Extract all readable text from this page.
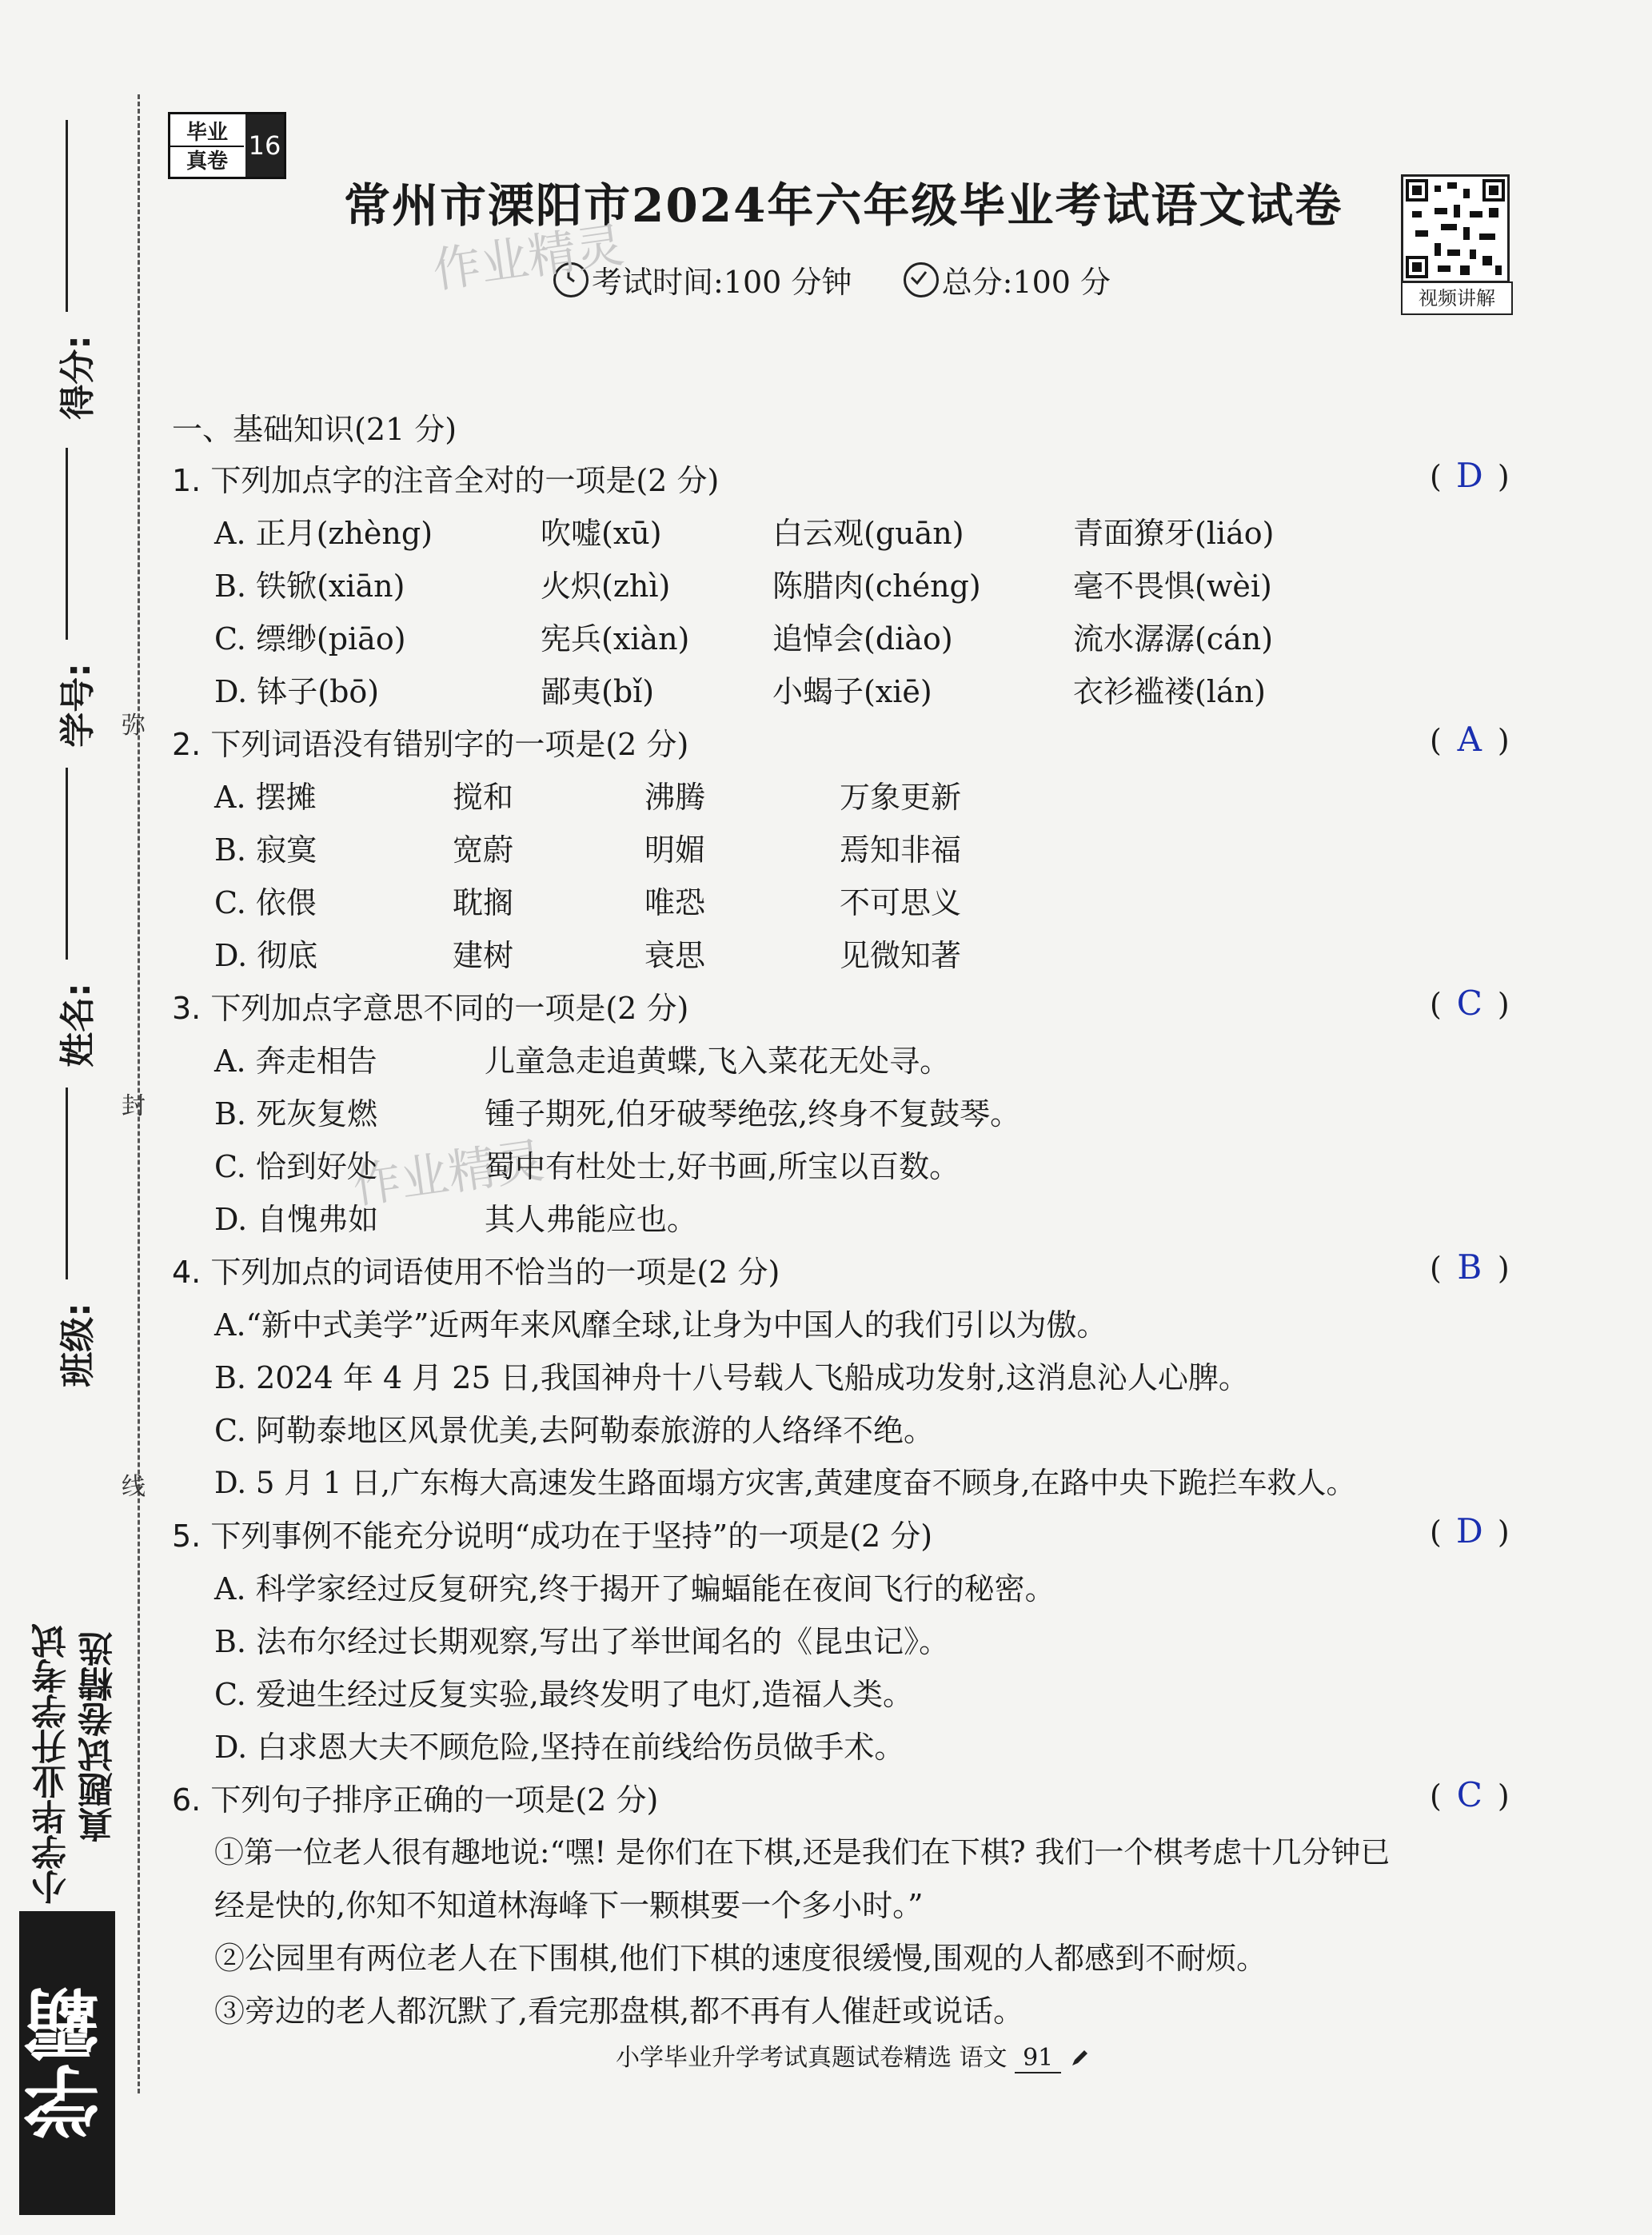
得分:
学号:
姓名:
班级:
弥
封
线
小学毕业升学考试 真题试卷精选
学霸
毕业
真卷
16
常州市溧阳市2024年六年级毕业考试语文试卷
考试时间:100 分钟	总分:100 分	视频讲解
作业精灵
作业精灵
一、基础知识(21 分)
1. 下列加点字的注音全对的一项是(2 分)	( D )
A. 正月(zhèng)	吹嘘(xū)	白云观(guān)	青面獠牙(liáo)
B. 铁锨(xiān)	火炽(zhì)	陈腊肉(chéng)	毫不畏惧(wèi)
C. 缥缈(piāo)	宪兵(xiàn)	追悼会(diào)	流水潺潺(cán)
D. 钵子(bō)	鄙夷(bǐ)	小蝎子(xiē)	衣衫褴褛(lán)
2. 下列词语没有错别字的一项是(2 分)	( A )
A. 摆摊	搅和	沸腾	万象更新
B. 寂寞	宽蔚	明媚	焉知非福
C. 依偎	耽搁	唯恐	不可思义
D. 彻底	建树	衰思	见微知著
3. 下列加点字意思不同的一项是(2 分)	( C )
A. 奔走相告	儿童急走追黄蝶,飞入菜花无处寻。
B. 死灰复燃	锺子期死,伯牙破琴绝弦,终身不复鼓琴。
C. 恰到好处	蜀中有杜处士,好书画,所宝以百数。
D. 自愧弗如	其人弗能应也。
4. 下列加点的词语使用不恰当的一项是(2 分)	( B )
A.“新中式美学”近两年来风靡全球,让身为中国人的我们引以为傲。
B. 2024 年 4 月 25 日,我国神舟十八号载人飞船成功发射,这消息沁人心脾。
C. 阿勒泰地区风景优美,去阿勒泰旅游的人络绎不绝。
D. 5 月 1 日,广东梅大高速发生路面塌方灾害,黄建度奋不顾身,在路中央下跪拦车救人。
5. 下列事例不能充分说明“成功在于坚持”的一项是(2 分)	( D )
A. 科学家经过反复研究,终于揭开了蝙蝠能在夜间飞行的秘密。
B. 法布尔经过长期观察,写出了举世闻名的《昆虫记》。
C. 爱迪生经过反复实验,最终发明了电灯,造福人类。
D. 白求恩大夫不顾危险,坚持在前线给伤员做手术。
6. 下列句子排序正确的一项是(2 分)	( C )
①第一位老人很有趣地说:“嘿! 是你们在下棋,还是我们在下棋? 我们一个棋考虑十几分钟已
经是快的,你知不知道林海峰下一颗棋要一个多小时。”
②公园里有两位老人在下围棋,他们下棋的速度很缓慢,围观的人都感到不耐烦。
③旁边的老人都沉默了,看完那盘棋,都不再有人催赶或说话。
小学毕业升学考试真题试卷精选 语文 91
